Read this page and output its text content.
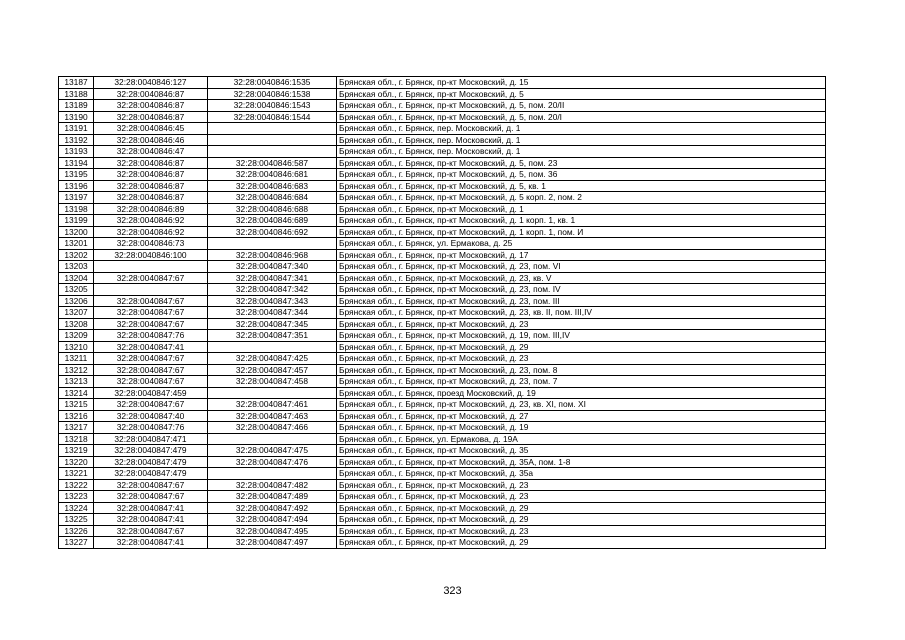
13187	32:28:0040846:127	32:28:0040846:1535	Брянская обл., г. Брянск, пр-кт Московский, д. 15
13188	32:28:0040846:87	32:28:0040846:1538	Брянская обл., г. Брянск, пр-кт Московский, д. 5
13189	32:28:0040846:87	32:28:0040846:1543	Брянская обл., г. Брянск, пр-кт Московский, д. 5, пом. 20/II
13190	32:28:0040846:87	32:28:0040846:1544	Брянская обл., г. Брянск, пр-кт Московский, д. 5, пом. 20/I
13191	32:28:0040846:45		Брянская обл., г. Брянск, пер. Московский, д. 1
13192	32:28:0040846:46		Брянская обл., г. Брянск, пер. Московский, д. 1
13193	32:28:0040846:47		Брянская обл., г. Брянск, пер. Московский, д. 1
13194	32:28:0040846:87	32:28:0040846:587	Брянская обл., г. Брянск, пр-кт Московский, д. 5, пом. 23
13195	32:28:0040846:87	32:28:0040846:681	Брянская обл., г. Брянск, пр-кт Московский, д. 5, пом. 36
13196	32:28:0040846:87	32:28:0040846:683	Брянская обл., г. Брянск, пр-кт Московский, д. 5, кв. 1
13197	32:28:0040846:87	32:28:0040846:684	Брянская обл., г. Брянск, пр-кт Московский, д. 5 корп. 2, пом. 2
13198	32:28:0040846:89	32:28:0040846:688	Брянская обл., г. Брянск, пр-кт Московский, д. 1
13199	32:28:0040846:92	32:28:0040846:689	Брянская обл., г. Брянск, пр-кт Московский, д. 1 корп. 1, кв. 1
13200	32:28:0040846:92	32:28:0040846:692	Брянская обл., г. Брянск, пр-кт Московский, д. 1 корп. 1, пом. И
13201	32:28:0040846:73		Брянская обл., г. Брянск, ул. Ермакова, д. 25
13202	32:28:0040846:100	32:28:0040846:968	Брянская обл., г. Брянск, пр-кт Московский, д. 17
13203		32:28:0040847:340	Брянская обл., г. Брянск, пр-кт Московский, д. 23, пом. VI
13204	32:28:0040847:67	32:28:0040847:341	Брянская обл., г. Брянск, пр-кт Московский, д. 23, кв. V
13205		32:28:0040847:342	Брянская обл., г. Брянск, пр-кт Московский, д. 23, пом. IV
13206	32:28:0040847:67	32:28:0040847:343	Брянская обл., г. Брянск, пр-кт Московский, д. 23, пом. III
13207	32:28:0040847:67	32:28:0040847:344	Брянская обл., г. Брянск, пр-кт Московский, д. 23, кв. II, пом. III,IV
13208	32:28:0040847:67	32:28:0040847:345	Брянская обл., г. Брянск, пр-кт Московский, д. 23
13209	32:28:0040847:76	32:28:0040847:351	Брянская обл., г. Брянск, пр-кт Московский, д. 19, пом. III,IV
13210	32:28:0040847:41		Брянская обл., г. Брянск, пр-кт Московский, д. 29
13211	32:28:0040847:67	32:28:0040847:425	Брянская обл., г. Брянск, пр-кт Московский, д. 23
13212	32:28:0040847:67	32:28:0040847:457	Брянская обл., г. Брянск, пр-кт Московский, д. 23, пом. 8
13213	32:28:0040847:67	32:28:0040847:458	Брянская обл., г. Брянск, пр-кт Московский, д. 23, пом. 7
13214	32:28:0040847:459		Брянская обл., г. Брянск, проезд Московский, д. 19
13215	32:28:0040847:67	32:28:0040847:461	Брянская обл., г. Брянск, пр-кт Московский, д. 23, кв. XI, пом. XI
13216	32:28:0040847:40	32:28:0040847:463	Брянская обл., г. Брянск, пр-кт Московский, д. 27
13217	32:28:0040847:76	32:28:0040847:466	Брянская обл., г. Брянск, пр-кт Московский, д. 19
13218	32:28:0040847:471		Брянская обл., г. Брянск, ул. Ермакова, д. 19А
13219	32:28:0040847:479	32:28:0040847:475	Брянская обл., г. Брянск, пр-кт Московский, д. 35
13220	32:28:0040847:479	32:28:0040847:476	Брянская обл., г. Брянск, пр-кт Московский, д. 35А, пом. 1-8
13221	32:28:0040847:479		Брянская обл., г. Брянск, пр-кт Московский, д. 35а
13222	32:28:0040847:67	32:28:0040847:482	Брянская обл., г. Брянск, пр-кт Московский, д. 23
13223	32:28:0040847:67	32:28:0040847:489	Брянская обл., г. Брянск, пр-кт Московский, д. 23
13224	32:28:0040847:41	32:28:0040847:492	Брянская обл., г. Брянск, пр-кт Московский, д. 29
13225	32:28:0040847:41	32:28:0040847:494	Брянская обл., г. Брянск, пр-кт Московский, д. 29
13226	32:28:0040847:67	32:28:0040847:495	Брянская обл., г. Брянск, пр-кт Московский, д. 23
13227	32:28:0040847:41	32:28:0040847:497	Брянская обл., г. Брянск, пр-кт Московский, д. 29
323
